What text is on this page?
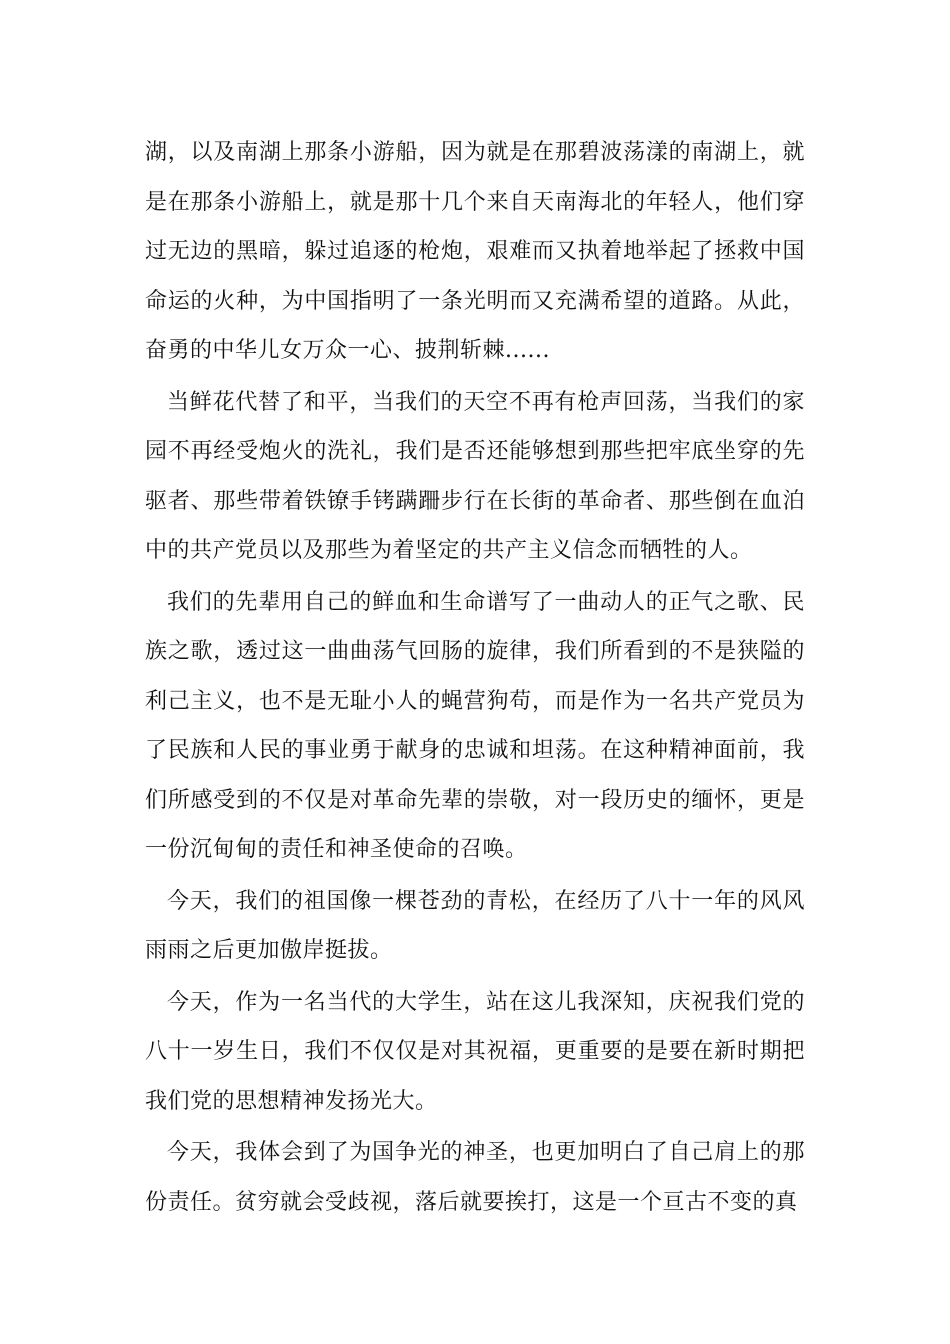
湖，以及南湖上那条小游船，因为就是在那碧波荡漾的南湖上，就是在那条小游船上，就是那十几个来自天南海北的年轻人，他们穿过无边的黑暗，躲过追逐的枪炮，艰难而又执着地举起了拯救中国命运的火种，为中国指明了一条光明而又充满希望的道路。从此，奋勇的中华儿女万众一心、披荆斩棘......

当鲜花代替了和平，当我们的天空不再有枪声回荡，当我们的家园不再经受炮火的洗礼，我们是否还能够想到那些把牢底坐穿的先驱者、那些带着铁镣手铐蹒跚步行在长街的革命者、那些倒在血泊中的共产党员以及那些为着坚定的共产主义信念而牺牲的人。

我们的先辈用自己的鲜血和生命谱写了一曲动人的正气之歌、民族之歌，透过这一曲曲荡气回肠的旋律，我们所看到的不是狭隘的利己主义，也不是无耻小人的蝇营狗苟，而是作为一名共产党员为了民族和人民的事业勇于献身的忠诚和坦荡。在这种精神面前，我们所感受到的不仅是对革命先辈的崇敬，对一段历史的缅怀，更是一份沉甸甸的责任和神圣使命的召唤。

今天，我们的祖国像一棵苍劲的青松，在经历了八十一年的风风雨雨之后更加傲岸挺拔。

今天，作为一名当代的大学生，站在这儿我深知，庆祝我们党的八十一岁生日，我们不仅仅是对其祝福，更重要的是要在新时期把我们党的思想精神发扬光大。

今天，我体会到了为国争光的神圣，也更加明白了自己肩上的那份责任。贫穷就会受歧视，落后就要挨打，这是一个亘古不变的真
